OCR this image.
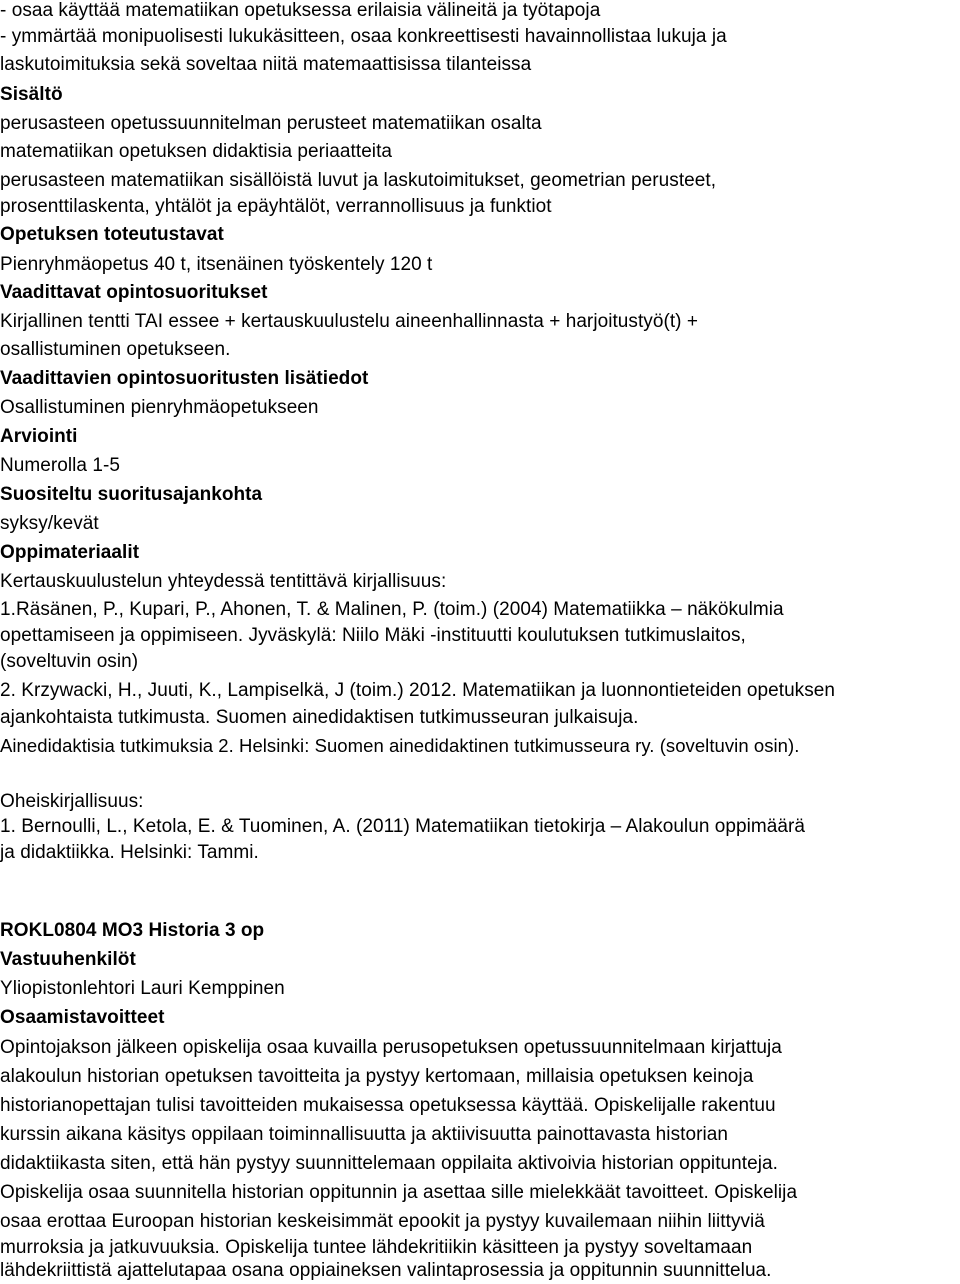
- osaa käyttää matematiikan opetuksessa erilaisia välineitä ja työtapoja
- ymmärtää monipuolisesti lukukäsitteen, osaa konkreettisesti havainnollistaa lukuja ja
laskutoimituksia sekä soveltaa niitä matemaattisissa tilanteissa
Sisältö
perusasteen opetussuunnitelman perusteet matematiikan osalta
matematiikan opetuksen didaktisia periaatteita
perusasteen matematiikan sisällöistä luvut ja laskutoimitukset, geometrian perusteet,
prosenttilaskenta, yhtälöt ja epäyhtälöt, verrannollisuus ja funktiot
Opetuksen toteutustavat
Pienryhmäopetus 40 t, itsenäinen työskentely 120 t
Vaadittavat opintosuoritukset
Kirjallinen tentti TAI essee + kertauskuulustelu aineenhallinnasta + harjoitustyö(t) +
osallistuminen opetukseen.
Vaadittavien opintosuoritusten lisätiedot
Osallistuminen pienryhmäopetukseen
Arviointi
Numerolla 1-5
Suositeltu suoritusajankohta
syksy/kevät
Oppimateriaalit
Kertauskuulustelun yhteydessä tentittävä kirjallisuus:
1.Räsänen, P., Kupari, P., Ahonen, T. & Malinen, P. (toim.) (2004) Matematiikka – näkökulmia
opettamiseen ja oppimiseen. Jyväskylä: Niilo Mäki -instituutti koulutuksen tutkimuslaitos,
(soveltuvin osin)
2. Krzywacki, H., Juuti, K., Lampiselkä, J (toim.) 2012. Matematiikan ja luonnontieteiden opetuksen
ajankohtaista tutkimusta. Suomen ainedidaktisen tutkimusseuran julkaisuja.
Ainedidaktisia tutkimuksia 2. Helsinki: Suomen ainedidaktinen tutkimusseura ry. (soveltuvin osin).
Oheiskirjallisuus:
1. Bernoulli, L., Ketola, E. & Tuominen, A. (2011) Matematiikan tietokirja – Alakoulun oppimäärä
ja didaktiikka. Helsinki: Tammi.
ROKL0804 MO3 Historia 3 op
Vastuuhenkilöt
Yliopistonlehtori Lauri Kemppinen
Osaamistavoitteet
Opintojakson jälkeen opiskelija osaa kuvailla perusopetuksen opetussuunnitelmaan kirjattuja
alakoulun historian opetuksen tavoitteita ja pystyy kertomaan, millaisia opetuksen keinoja
historianopettajan tulisi tavoitteiden mukaisessa opetuksessa käyttää. Opiskelijalle rakentuu
kurssin aikana käsitys oppilaan toiminnallisuutta ja aktiivisuutta painottavasta historian
didaktiikasta siten, että hän pystyy suunnittelemaan oppilaita aktivoivia historian oppitunteja.
Opiskelija osaa suunnitella historian oppitunnin ja asettaa sille mielekkäät tavoitteet. Opiskelija
osaa erottaa Euroopan historian keskeisimmät epookit ja pystyy kuvailemaan niihin liittyviä
murroksia ja jatkuvuuksia. Opiskelija tuntee lähdekritiikin käsitteen ja pystyy soveltamaan
lähdekriittistä ajattelutapaa osana oppiaineksen valintaprosessia ja oppitunnin suunnittelua.
